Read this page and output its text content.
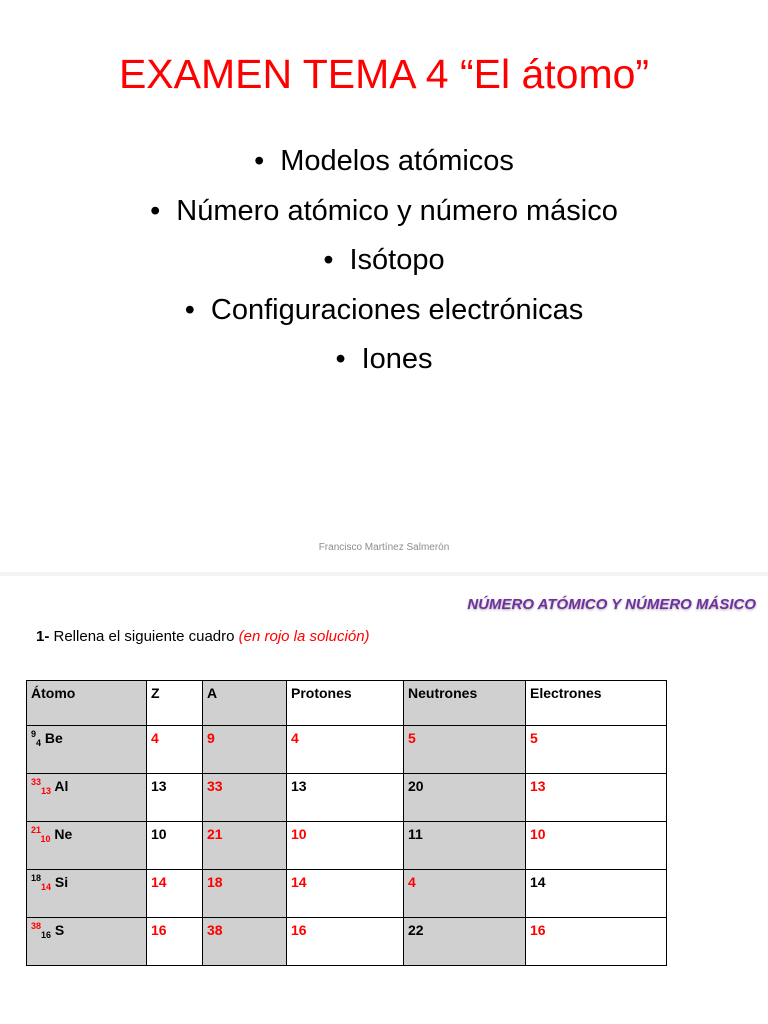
EXAMEN TEMA 4 “El átomo”
• Modelos atómicos
• Número atómico y número másico
• Isótopo
• Configuraciones electrónicas
• Iones
Francisco Martínez Salmerón
NÚMERO ATÓMICO Y NÚMERO MÁSICO
1- Rellena el siguiente cuadro (en rojo la solución)
Átomo	Z	A	Protones	Neutrones	Electrones
$^9_4$ Be	4	9	4	5	5
$^{33}_{13}$ Al	13	33	13	20	13
$^{21}_{10}$ Ne	10	21	10	11	10
$^{18}_{14}$ Si	14	18	14	4	14
$^{38}_{16}$ S	16	38	16	22	16
